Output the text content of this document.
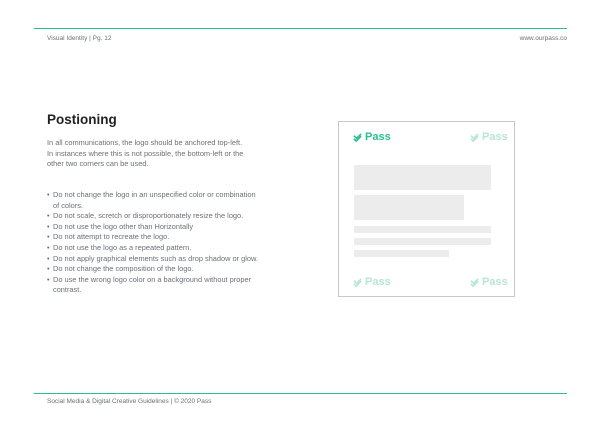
Visual Identity | Pg. 12	www.ourpass.co
Postioning
In all communications, the logo should be anchored top-left. In instances where this is not possible, the bottom-left or the other two corners can be used.
• Do not change the logo in an unspecified color or combination of colors.
• Do not scale, scretch or disproportionately resize the logo.
• Do not use the logo other than Horizontally
• Do not attempt to recreate the logo.
• Do not use the logo as a repeated pattern.
• Do not apply graphical elements such as drop shadow or glow.
• Do not change the composition of the logo.
• Do use the wrong logo color on a background without proper contrast.
Pass	Pass
Pass	Pass
Social Media & Digital Creative Guidelines | © 2020 Pass
